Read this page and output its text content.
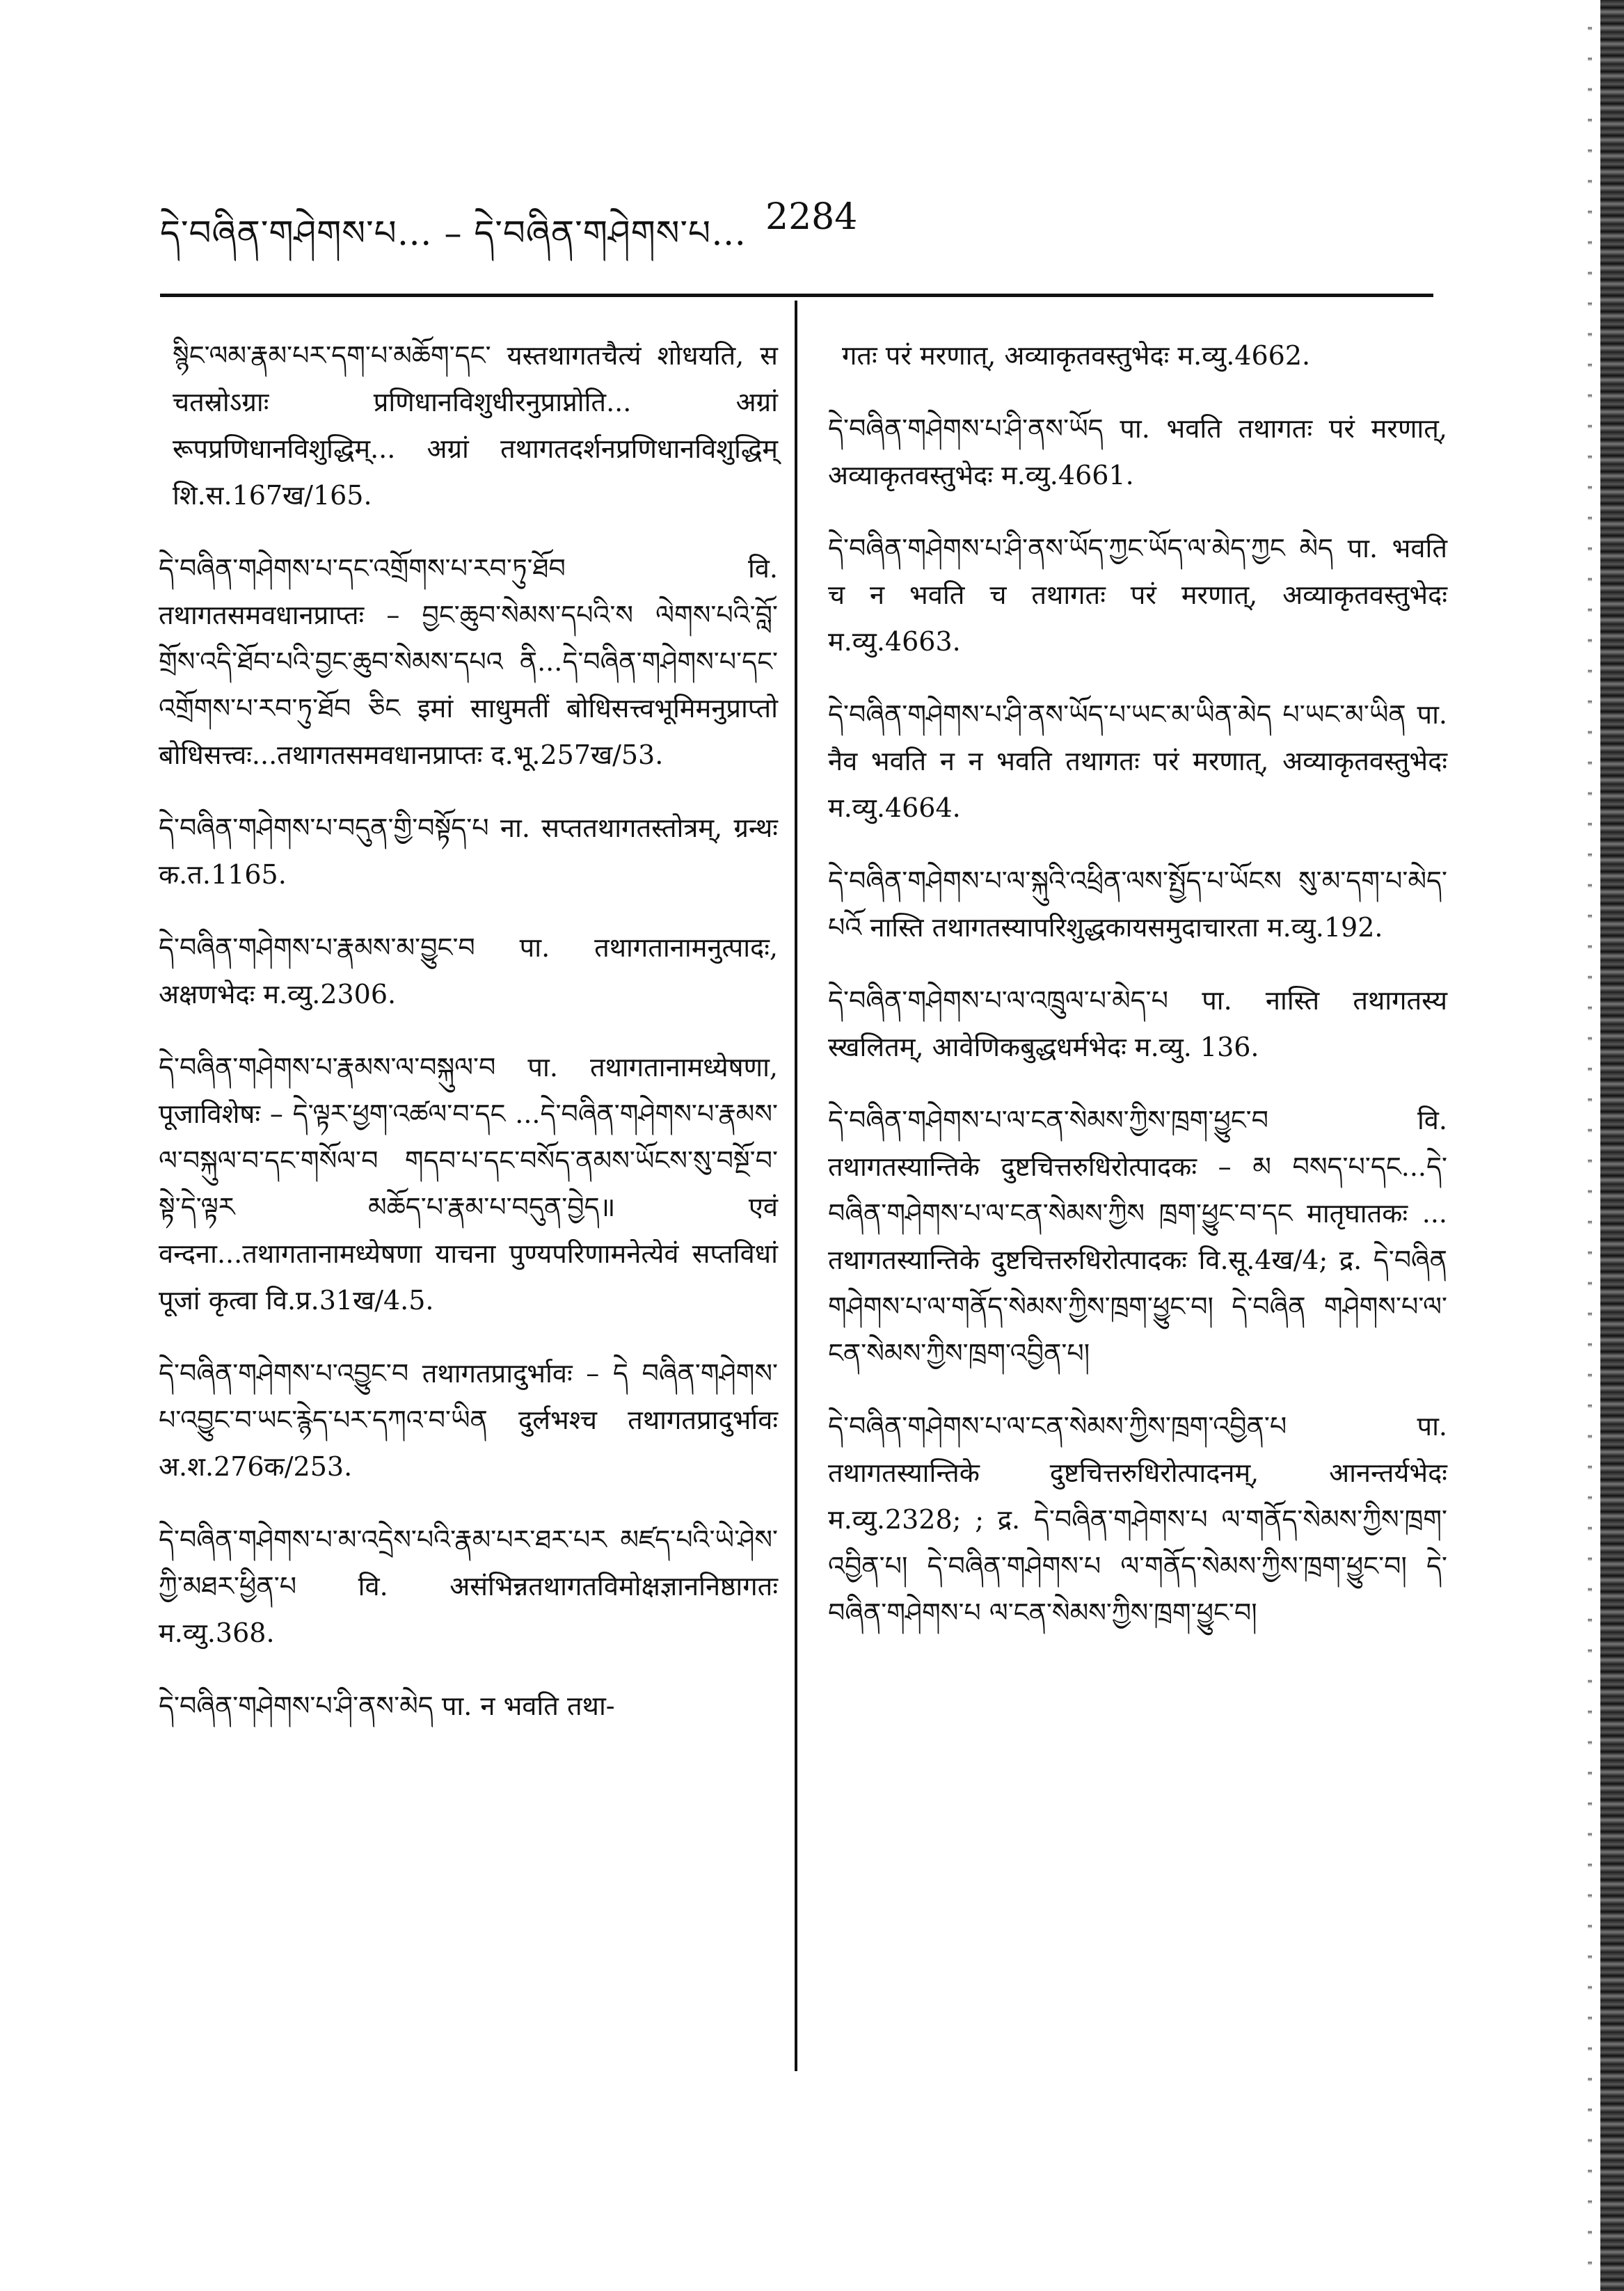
དེ་བཞིན་གཤེགས་པ… – དེ་བཞིན་གཤེགས་པ… 2284

སྙིང་ལམ་རྣམ་པར་དག་པ་མཆོག་དང་ यस्तथागतचैत्यं शोधयति, स चतस्रोऽग्राः प्रणिधानविशुधीरनुप्राप्नोति... अग्रां रूपप्रणिधानविशुद्धिम्... अग्रां तथागतदर्शनप्रणिधानविशुद्धिम् शि.स.167ख/165.

དེ་བཞིན་གཤེགས་པ་དང་འགྲོགས་པ་རབ་ཏུ་ཐོབ वि. तथागतसमवधानप्राप्तः – བྱང་ཆུབ་སེམས་དཔའི་ས ལེགས་པའི་བློ་གྲོས་འདི་ཐོབ་པའི་བྱང་ཆུབ་སེམས་དཔའ ནི...དེ་བཞིན་གཤེགས་པ་དང་འགྲོགས་པ་རབ་ཏུ་ཐོབ ཅིང इमां साधुमतीं बोधिसत्त्वभूमिमनुप्राप्तो बोधिसत्त्वः...तथागतसमवधानप्राप्तः द.भू.257ख/53.

དེ་བཞིན་གཤེགས་པ་བདུན་གྱི་བསྟོད་པ ना. सप्ततथागतस्तोत्रम्, ग्रन्थः क.त.1165.

དེ་བཞིན་གཤེགས་པ་རྣམས་མ་བྱུང་བ पा. तथागतानामनुत्पादः, अक्षणभेदः म.व्यु.2306.

དེ་བཞིན་གཤེགས་པ་རྣམས་ལ་བསྐུལ་བ पा. तथागतानामध्येषणा, पूजाविशेषः – དེ་ལྟར་ཕྱག་འཚལ་བ་དང ...དེ་བཞིན་གཤེགས་པ་རྣམས་ལ་བསྐུལ་བ་དང་གསོལ་བ གདབ་པ་དང་བསོད་ནམས་ཡོངས་སུ་བསྔོ་བ་སྟེ་དེ་ལྟར མཆོད་པ་རྣམ་པ་བདུན་བྱེད॥ एवं वन्दना...तथागतानामध्येषणा याचना पुण्यपरिणामनेत्येवं सप्तविधां पूजां कृत्वा वि.प्र.31ख/4.5.

དེ་བཞིན་གཤེགས་པ་འབྱུང་བ तथागतप्रादुर्भावः – དེ བཞིན་གཤེགས་པ་འབྱུང་བ་ཡང་རྙེད་པར་དཀའ་བ་ཡིན दुर्लभश्च तथागतप्रादुर्भावः अ.श.276क/253.

དེ་བཞིན་གཤེགས་པ་མ་འདྲེས་པའི་རྣམ་པར་ཐར་པར མཛད་པའི་ཡེ་ཤེས་ཀྱི་མཐར་ཕྱིན་པ वि. असंभिन्नतथागतविमोक्षज्ञाननिष्ठागतः म.व्यु.368.

དེ་བཞིན་གཤེགས་པ་ཤི་ནས་མེད पा. न भवति तथा-

गतः परं मरणात्, अव्याकृतवस्तुभेदः म.व्यु.4662.

དེ་བཞིན་གཤེགས་པ་ཤི་ནས་ཡོད पा. भवति तथागतः परं मरणात्, अव्याकृतवस्तुभेदः म.व्यु.4661.

དེ་བཞིན་གཤེགས་པ་ཤི་ནས་ཡོད་ཀྱང་ཡོད་ལ་མེད་ཀྱང མེད पा. भवति च न भवति च तथागतः परं मरणात्, अव्याकृतवस्तुभेदः म.व्यु.4663.

དེ་བཞིན་གཤེགས་པ་ཤི་ནས་ཡོད་པ་ཡང་མ་ཡིན་མེད པ་ཡང་མ་ཡིན पा. नैव भवति न न भवति तथागतः परं मरणात्, अव्याकृतवस्तुभेदः म.व्यु.4664.

དེ་བཞིན་གཤེགས་པ་ལ་སྐུའི་འཕྲིན་ལས་སྤྱོད་པ་ཡོངས སུ་མ་དག་པ་མེད་པའོ नास्ति तथागतस्यापरिशुद्धकायसमुदाचारता म.व्यु.192.

དེ་བཞིན་གཤེགས་པ་ལ་འཁྲུལ་པ་མེད་པ पा. नास्ति तथागतस्य स्खलितम्, आवेणिकबुद्धधर्मभेदः म.व्यु. 136.

དེ་བཞིན་གཤེགས་པ་ལ་ངན་སེམས་ཀྱིས་ཁྲག་ཕྱུང་བ वि. तथागतस्यान्तिके दुष्टचित्तरुधिरोत्पादकः – མ བསད་པ་དང...དེ་བཞིན་གཤེགས་པ་ལ་ངན་སེམས་ཀྱིས ཁྲག་ཕྱུང་བ་དང मातृघातकः ... तथागतस्यान्तिके दुष्टचित्तरुधिरोत्पादकः वि.सू.4ख/4; द्र. དེ་བཞིན གཤེགས་པ་ལ་གནོད་སེམས་ཀྱིས་ཁྲག་ཕྱུང་བ། དེ་བཞིན གཤེགས་པ་ལ་ངན་སེམས་ཀྱིས་ཁྲག་འབྱིན་པ།

དེ་བཞིན་གཤེགས་པ་ལ་ངན་སེམས་ཀྱིས་ཁྲག་འབྱིན་པ पा. तथागतस्यान्तिके दुष्टचित्तरुधिरोत्पादनम्, आनन्तर्यभेदः म.व्यु.2328; ; द्र. དེ་བཞིན་གཤེགས་པ ལ་གནོད་སེམས་ཀྱིས་ཁྲག་འབྱིན་པ། དེ་བཞིན་གཤེགས་པ ལ་གནོད་སེམས་ཀྱིས་ཁྲག་ཕྱུང་བ། དེ་བཞིན་གཤེགས་པ ལ་ངན་སེམས་ཀྱིས་ཁྲག་ཕྱུང་བ།
